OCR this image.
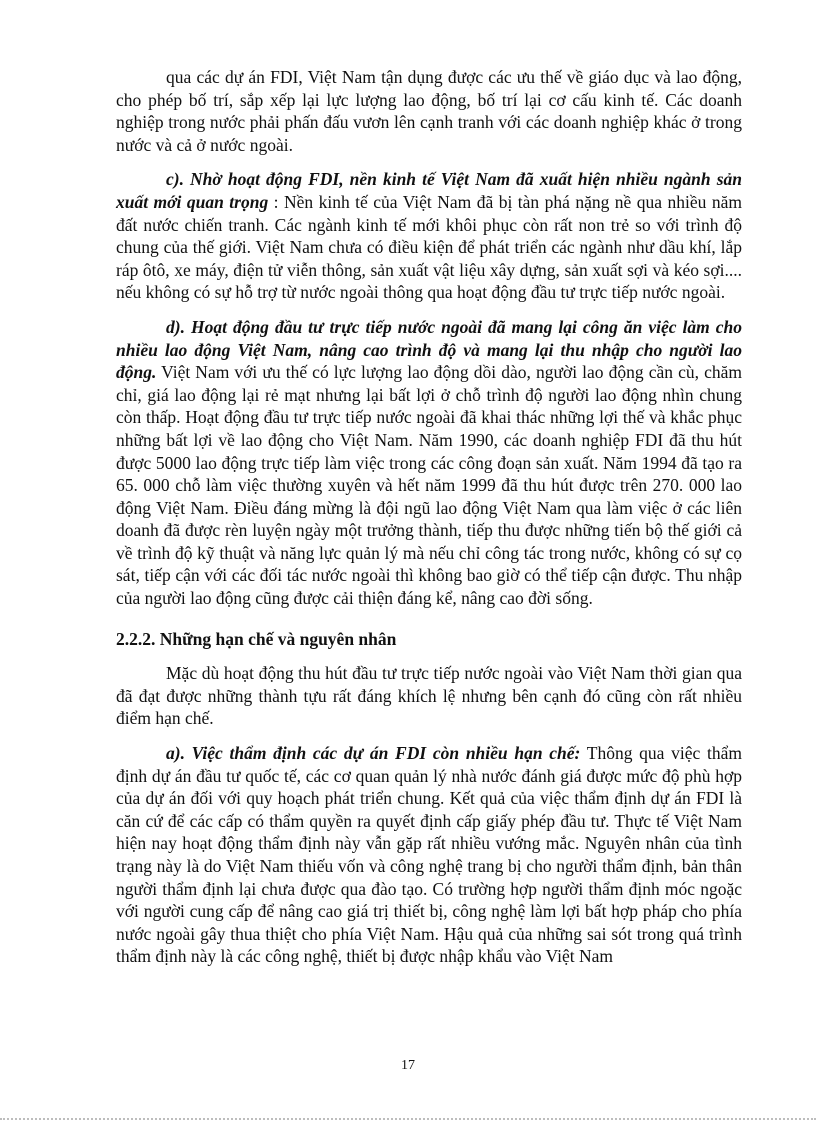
qua các dự án FDI, Việt Nam tận dụng được các ưu thế về giáo dục và lao động, cho phép bố trí, sắp xếp lại lực lượng lao động, bố trí lại cơ cấu kinh tế. Các doanh nghiệp trong nước phải phấn đấu vươn lên cạnh tranh với các doanh nghiệp khác ở trong nước và cả ở nước ngoài.

c). Nhờ hoạt động FDI, nền kinh tế Việt Nam đã xuất hiện nhiều ngành sản xuất mới quan trọng : Nền kinh tế của Việt Nam đã bị tàn phá nặng nề qua nhiều năm đất nước chiến tranh. Các ngành kinh tế mới khôi phục còn rất non trẻ so với trình độ chung của thế giới. Việt Nam chưa có điều kiện để phát triển các ngành như dầu khí, lắp ráp ôtô, xe máy, điện tử viễn thông, sản xuất vật liệu xây dựng, sản xuất sợi và kéo sợi.... nếu không có sự hỗ trợ từ nước ngoài thông qua hoạt động đầu tư trực tiếp nước ngoài.

d). Hoạt động đầu tư trực tiếp nước ngoài đã mang lại công ăn việc làm cho nhiều lao động Việt Nam, nâng cao trình độ và mang lại thu nhập cho người lao động. Việt Nam với ưu thế có lực lượng lao động dồi dào, người lao động cần cù, chăm chỉ, giá lao động lại rẻ mạt nhưng lại bất lợi ở chỗ trình độ người lao động nhìn chung còn thấp. Hoạt động đầu tư trực tiếp nước ngoài đã khai thác những lợi thế và khắc phục những bất lợi về lao động cho Việt Nam. Năm 1990, các doanh nghiệp FDI đã thu hút được 5000 lao động trực tiếp làm việc trong các công đoạn sản xuất. Năm 1994 đã tạo ra 65. 000 chỗ làm việc thường xuyên và hết năm 1999 đã thu hút được trên 270. 000 lao động Việt Nam. Điều đáng mừng là đội ngũ lao động Việt Nam qua làm việc ở các liên doanh đã được rèn luyện ngày một trưởng thành, tiếp thu được những tiến bộ thế giới cả về trình độ kỹ thuật và năng lực quản lý mà nếu chỉ công tác trong nước, không có sự cọ sát, tiếp cận với các đối tác nước ngoài thì không bao giờ có thể tiếp cận được. Thu nhập của người lao động cũng được cải thiện đáng kể, nâng cao đời sống.

2.2.2. Những hạn chế và nguyên nhân

Mặc dù hoạt động thu hút đầu tư trực tiếp nước ngoài vào Việt Nam thời gian qua đã đạt được những thành tựu rất đáng khích lệ nhưng bên cạnh đó cũng còn rất nhiều điểm hạn chế.

a). Việc thẩm định các dự án FDI còn nhiều hạn chế: Thông qua việc thẩm định dự án đầu tư quốc tế, các cơ quan quản lý nhà nước đánh giá được mức độ phù hợp của dự án đối với quy hoạch phát triển chung. Kết quả của việc thẩm định dự án FDI là căn cứ để các cấp có thẩm quyền ra quyết định cấp giấy phép đầu tư. Thực tế Việt Nam hiện nay hoạt động thẩm định này vẫn gặp rất nhiều vướng mắc. Nguyên nhân của tình trạng này là do Việt Nam thiếu vốn và công nghệ trang bị cho người thẩm định, bản thân người thẩm định lại chưa được qua đào tạo. Có trường hợp người thẩm định móc ngoặc với người cung cấp để nâng cao giá trị thiết bị, công nghệ làm lợi bất hợp pháp cho phía nước ngoài gây thua thiệt cho phía Việt Nam. Hậu quả của những sai sót trong quá trình thẩm định này là các công nghệ, thiết bị được nhập khẩu vào Việt Nam

17
